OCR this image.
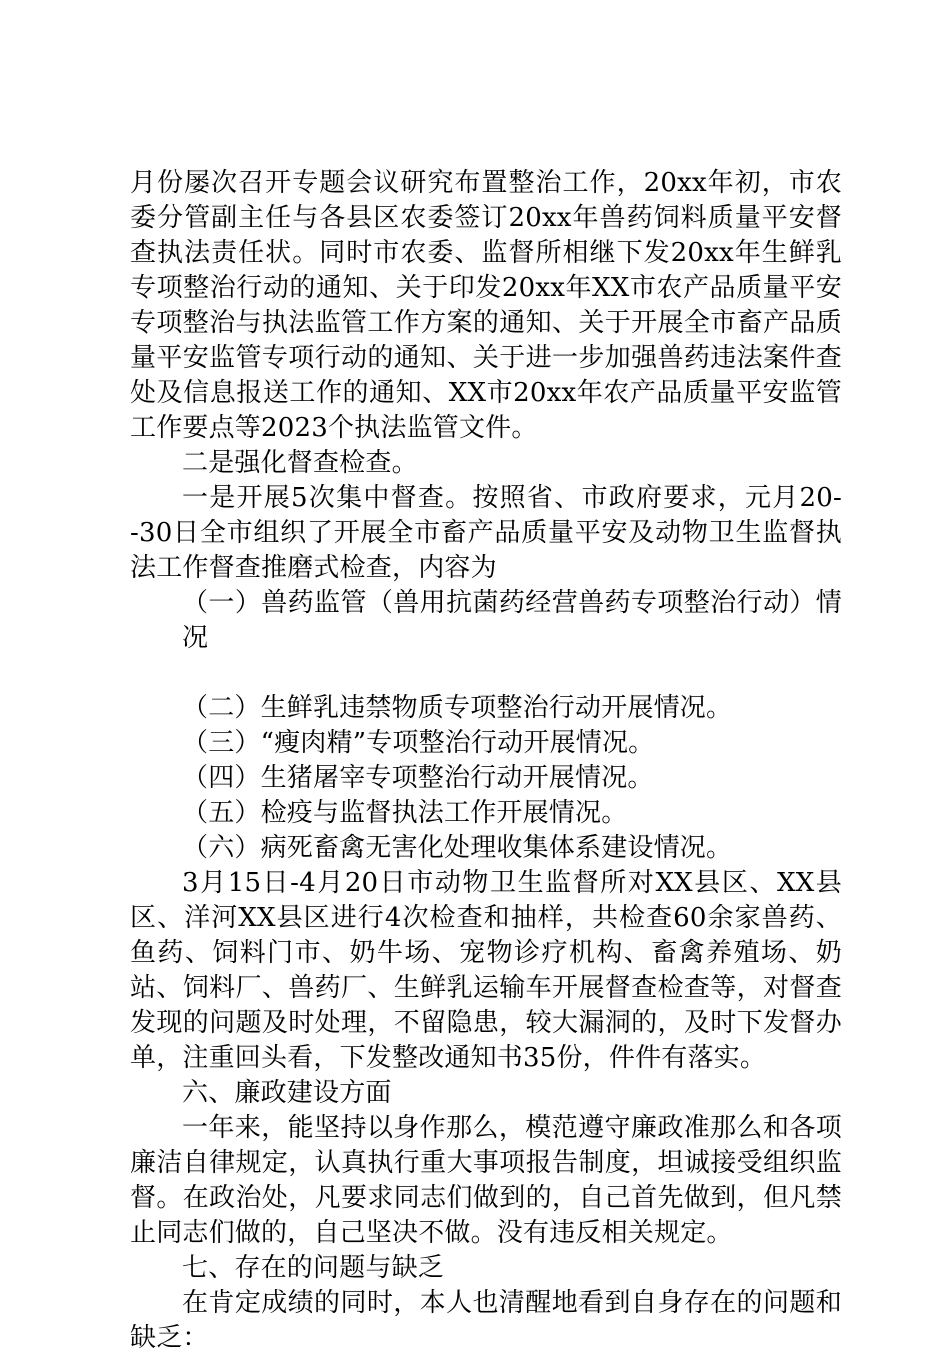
月份屡次召开专题会议研究布置整治工作，20xx年初，市农委分管副主任与各县区农委签订20xx年兽药饲料质量平安督查执法责任状。同时市农委、监督所相继下发20xx年生鲜乳专项整治行动的通知、关于印发20xx年XX市农产品质量平安专项整治与执法监管工作方案的通知、关于开展全市畜产品质量平安监管专项行动的通知、关于进一步加强兽药违法案件查处及信息报送工作的通知、XX市20xx年农产品质量平安监管工作要点等2023个执法监管文件。

二是强化督查检查。

一是开展5次集中督查。按照省、市政府要求，元月20--30日全市组织了开展全市畜产品质量平安及动物卫生监督执法工作督查推磨式检查，内容为

（一）兽药监管（兽用抗菌药经营兽药专项整治行动）情况

（二）生鲜乳违禁物质专项整治行动开展情况。

（三）“瘦肉精”专项整治行动开展情况。

（四）生猪屠宰专项整治行动开展情况。

（五）检疫与监督执法工作开展情况。

（六）病死畜禽无害化处理收集体系建设情况。

3月15日-4月20日市动物卫生监督所对XX县区、XX县区、洋河XX县区进行4次检查和抽样，共检查60余家兽药、鱼药、饲料门市、奶牛场、宠物诊疗机构、畜禽养殖场、奶站、饲料厂、兽药厂、生鲜乳运输车开展督查检查等，对督查发现的问题及时处理，不留隐患，较大漏洞的，及时下发督办单，注重回头看，下发整改通知书35份，件件有落实。

六、廉政建设方面

一年来，能坚持以身作那么，模范遵守廉政准那么和各项廉洁自律规定，认真执行重大事项报告制度，坦诚接受组织监督。在政治处，凡要求同志们做到的，自己首先做到，但凡禁止同志们做的，自己坚决不做。没有违反相关规定。

七、存在的问题与缺乏

在肯定成绩的同时，本人也清醒地看到自身存在的问题和缺乏：
